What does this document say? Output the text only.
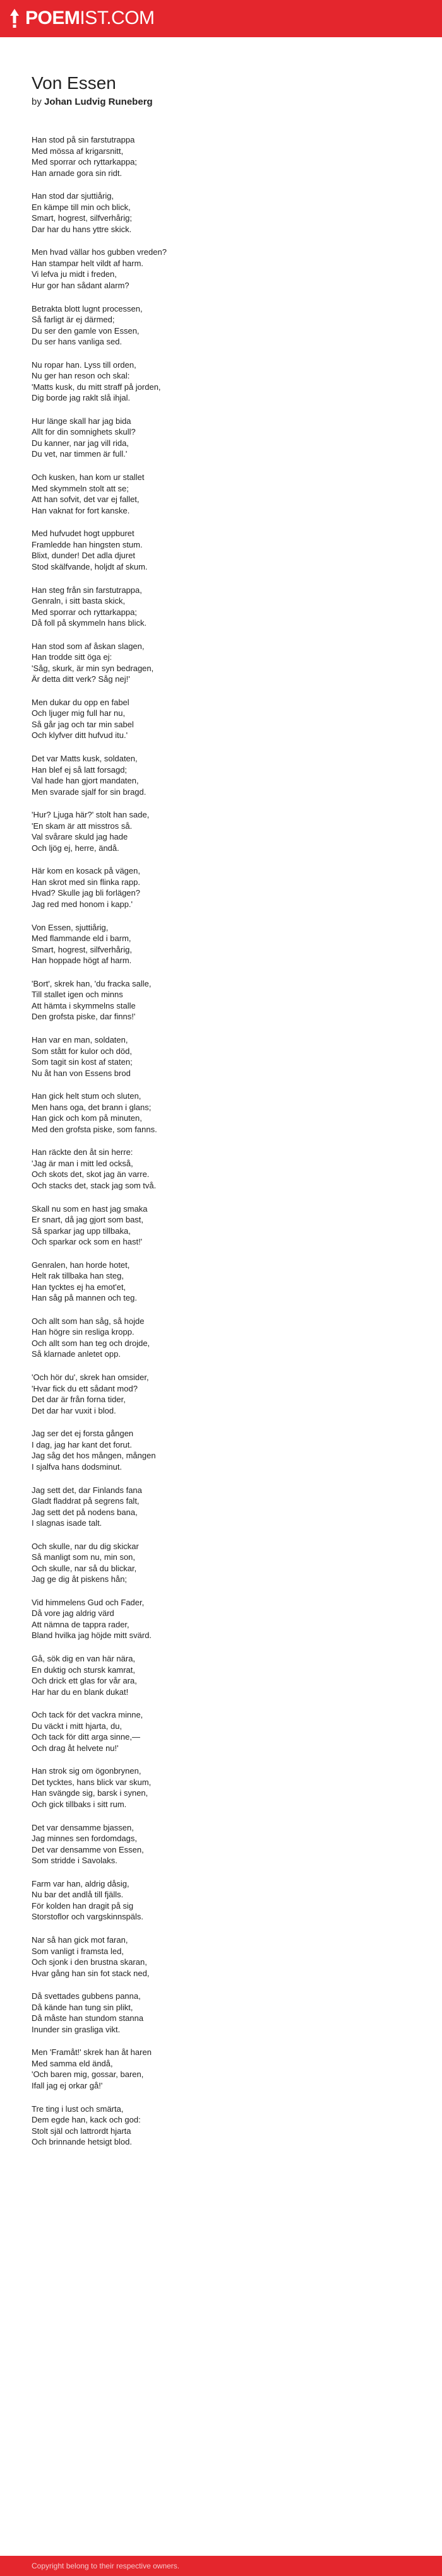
POEMIST.COM
Von Essen
by Johan Ludvig Runeberg
Han stod på sin farstutrappa
Med mössa af krigarsnitt,
Med sporrar och ryttarkappa;
Han arnade gora sin ridt.
Han stod dar sjuttiårig,
En kämpe till min och blick,
Smart, hogrest, silfverhårig;
Dar har du hans yttre skick.
Men hvad vällar hos gubben vreden?
Han stampar helt vildt af harm.
Vi lefva ju midt i freden,
Hur gor han sådant alarm?
Betrakta blott lugnt processen,
Så farligt är ej därmed;
Du ser den gamle von Essen,
Du ser hans vanliga sed.
Nu ropar han. Lyss till orden,
Nu ger han reson och skal:
'Matts kusk, du mitt straff på jorden,
Dig borde jag raklt slå ihjal.
Hur länge skall har jag bida
Allt for din somnighets skull?
Du kanner, nar jag vill rida,
Du vet, nar timmen är full.'
Och kusken, han kom ur stallet
Med skymmeln stolt att se;
Att han sofvit, det var ej fallet,
Han vaknat for fort kanske.
Med hufvudet hogt uppburet
Framledde han hingsten stum.
Blixt, dunder! Det adla djuret
Stod skälfvande, holjdt af skum.
Han steg från sin farstutrappa,
Genraln, i sitt basta skick,
Med sporrar och ryttarkappa;
Då foll på skymmeln hans blick.
Han stod som af åskan slagen,
Han trodde sitt öga ej:
'Såg, skurk, är min syn bedragen,
Är detta ditt verk? Såg nej!'
Men dukar du opp en fabel
Och ljuger mig full har nu,
Så går jag och tar min sabel
Och klyfver ditt hufvud itu.'
Det var Matts kusk, soldaten,
Han blef ej så latt forsagd;
Val hade han gjort mandaten,
Men svarade sjalf for sin bragd.
'Hur? Ljuga här?' stolt han sade,
'En skam är att misstros så.
Val svårare skuld jag hade
Och ljög ej, herre, ändå.
Här kom en kosack på vägen,
Han skrot med sin flinka rapp.
Hvad? Skulle jag bli forlägen?
Jag red med honom i kapp.'
Von Essen, sjuttiårig,
Med flammande eld i barm,
Smart, hogrest, silfverhårig,
Han hoppade högt af harm.
'Bort', skrek han, 'du fracka salle,
Till stallet igen och minns
Att hämta i skymmelns stalle
Den grofsta piske, dar finns!'
Han var en man, soldaten,
Som stått for kulor och död,
Som tagit sin kost af staten;
Nu åt han von Essens brod
Han gick helt stum och sluten,
Men hans oga, det brann i glans;
Han gick och kom på minuten,
Med den grofsta piske, som fanns.
Han räckte den åt sin herre:
'Jag är man i mitt led också,
Och skots det, skot jag än varre.
Och stacks det, stack jag som två.
Skall nu som en hast jag smaka
Er snart, då jag gjort som bast,
Så sparkar jag upp tillbaka,
Och sparkar ock som en hast!'
Genralen, han horde hotet,
Helt rak tillbaka han steg,
Han tycktes ej ha emot'et,
Han såg på mannen och teg.
Och allt som han såg, så hojde
Han högre sin resliga kropp.
Och allt som han teg och drojde,
Så klarnade anletet opp.
'Och hör du', skrek han omsider,
'Hvar fick du ett sådant mod?
Det dar är från forna tider,
Det dar har vuxit i blod.
Jag ser det ej forsta gången
I dag, jag har kant det forut.
Jag såg det hos mången, mången
I sjalfva hans dodsminut.
Jag sett det, dar Finlands fana
Gladt fladdrat på segrens falt,
Jag sett det på nodens bana,
I slagnas isade talt.
Och skulle, nar du dig skickar
Så manligt som nu, min son,
Och skulle, nar så du blickar,
Jag ge dig åt piskens hån;
Vid himmelens Gud och Fader,
Då vore jag aldrig värd
Att nämna de tappra rader,
Bland hvilka jag höjde mitt svärd.
Gå, sök dig en van här nära,
En duktig och stursk kamrat,
Och drick ett glas for vår ara,
Har har du en blank dukat!
Och tack för det vackra minne,
Du väckt i mitt hjarta, du,
Och tack för ditt arga sinne,—
Och drag åt helvete nu!'
Han strok sig om ögonbrynen,
Det tycktes, hans blick var skum,
Han svängde sig, barsk i synen,
Och gick tillbaks i sitt rum.
Det var densamme bjassen,
Jag minnes sen fordomdags,
Det var densamme von Essen,
Som stridde i Savolaks.
Farm var han, aldrig dåsig,
Nu bar det andlå till fjälls.
För kolden han dragit på sig
Storstoflor och vargskinnspäls.
Nar så han gick mot faran,
Som vanligt i framsta led,
Och sjonk i den brustna skaran,
Hvar gång han sin fot stack ned,
Då svettades gubbens panna,
Då kände han tung sin plikt,
Då måste han stundom stanna
Inunder sin grasliga vikt.
Men 'Framåt!' skrek han åt haren
Med samma eld ändå,
'Och baren mig, gossar, baren,
Ifall jag ej orkar gå!'
Tre ting i lust och smärta,
Dem egde han, kack och god:
Stolt själ och lattrordt hjarta
Och brinnande hetsigt blod.
Copyright belong to their respective owners.
